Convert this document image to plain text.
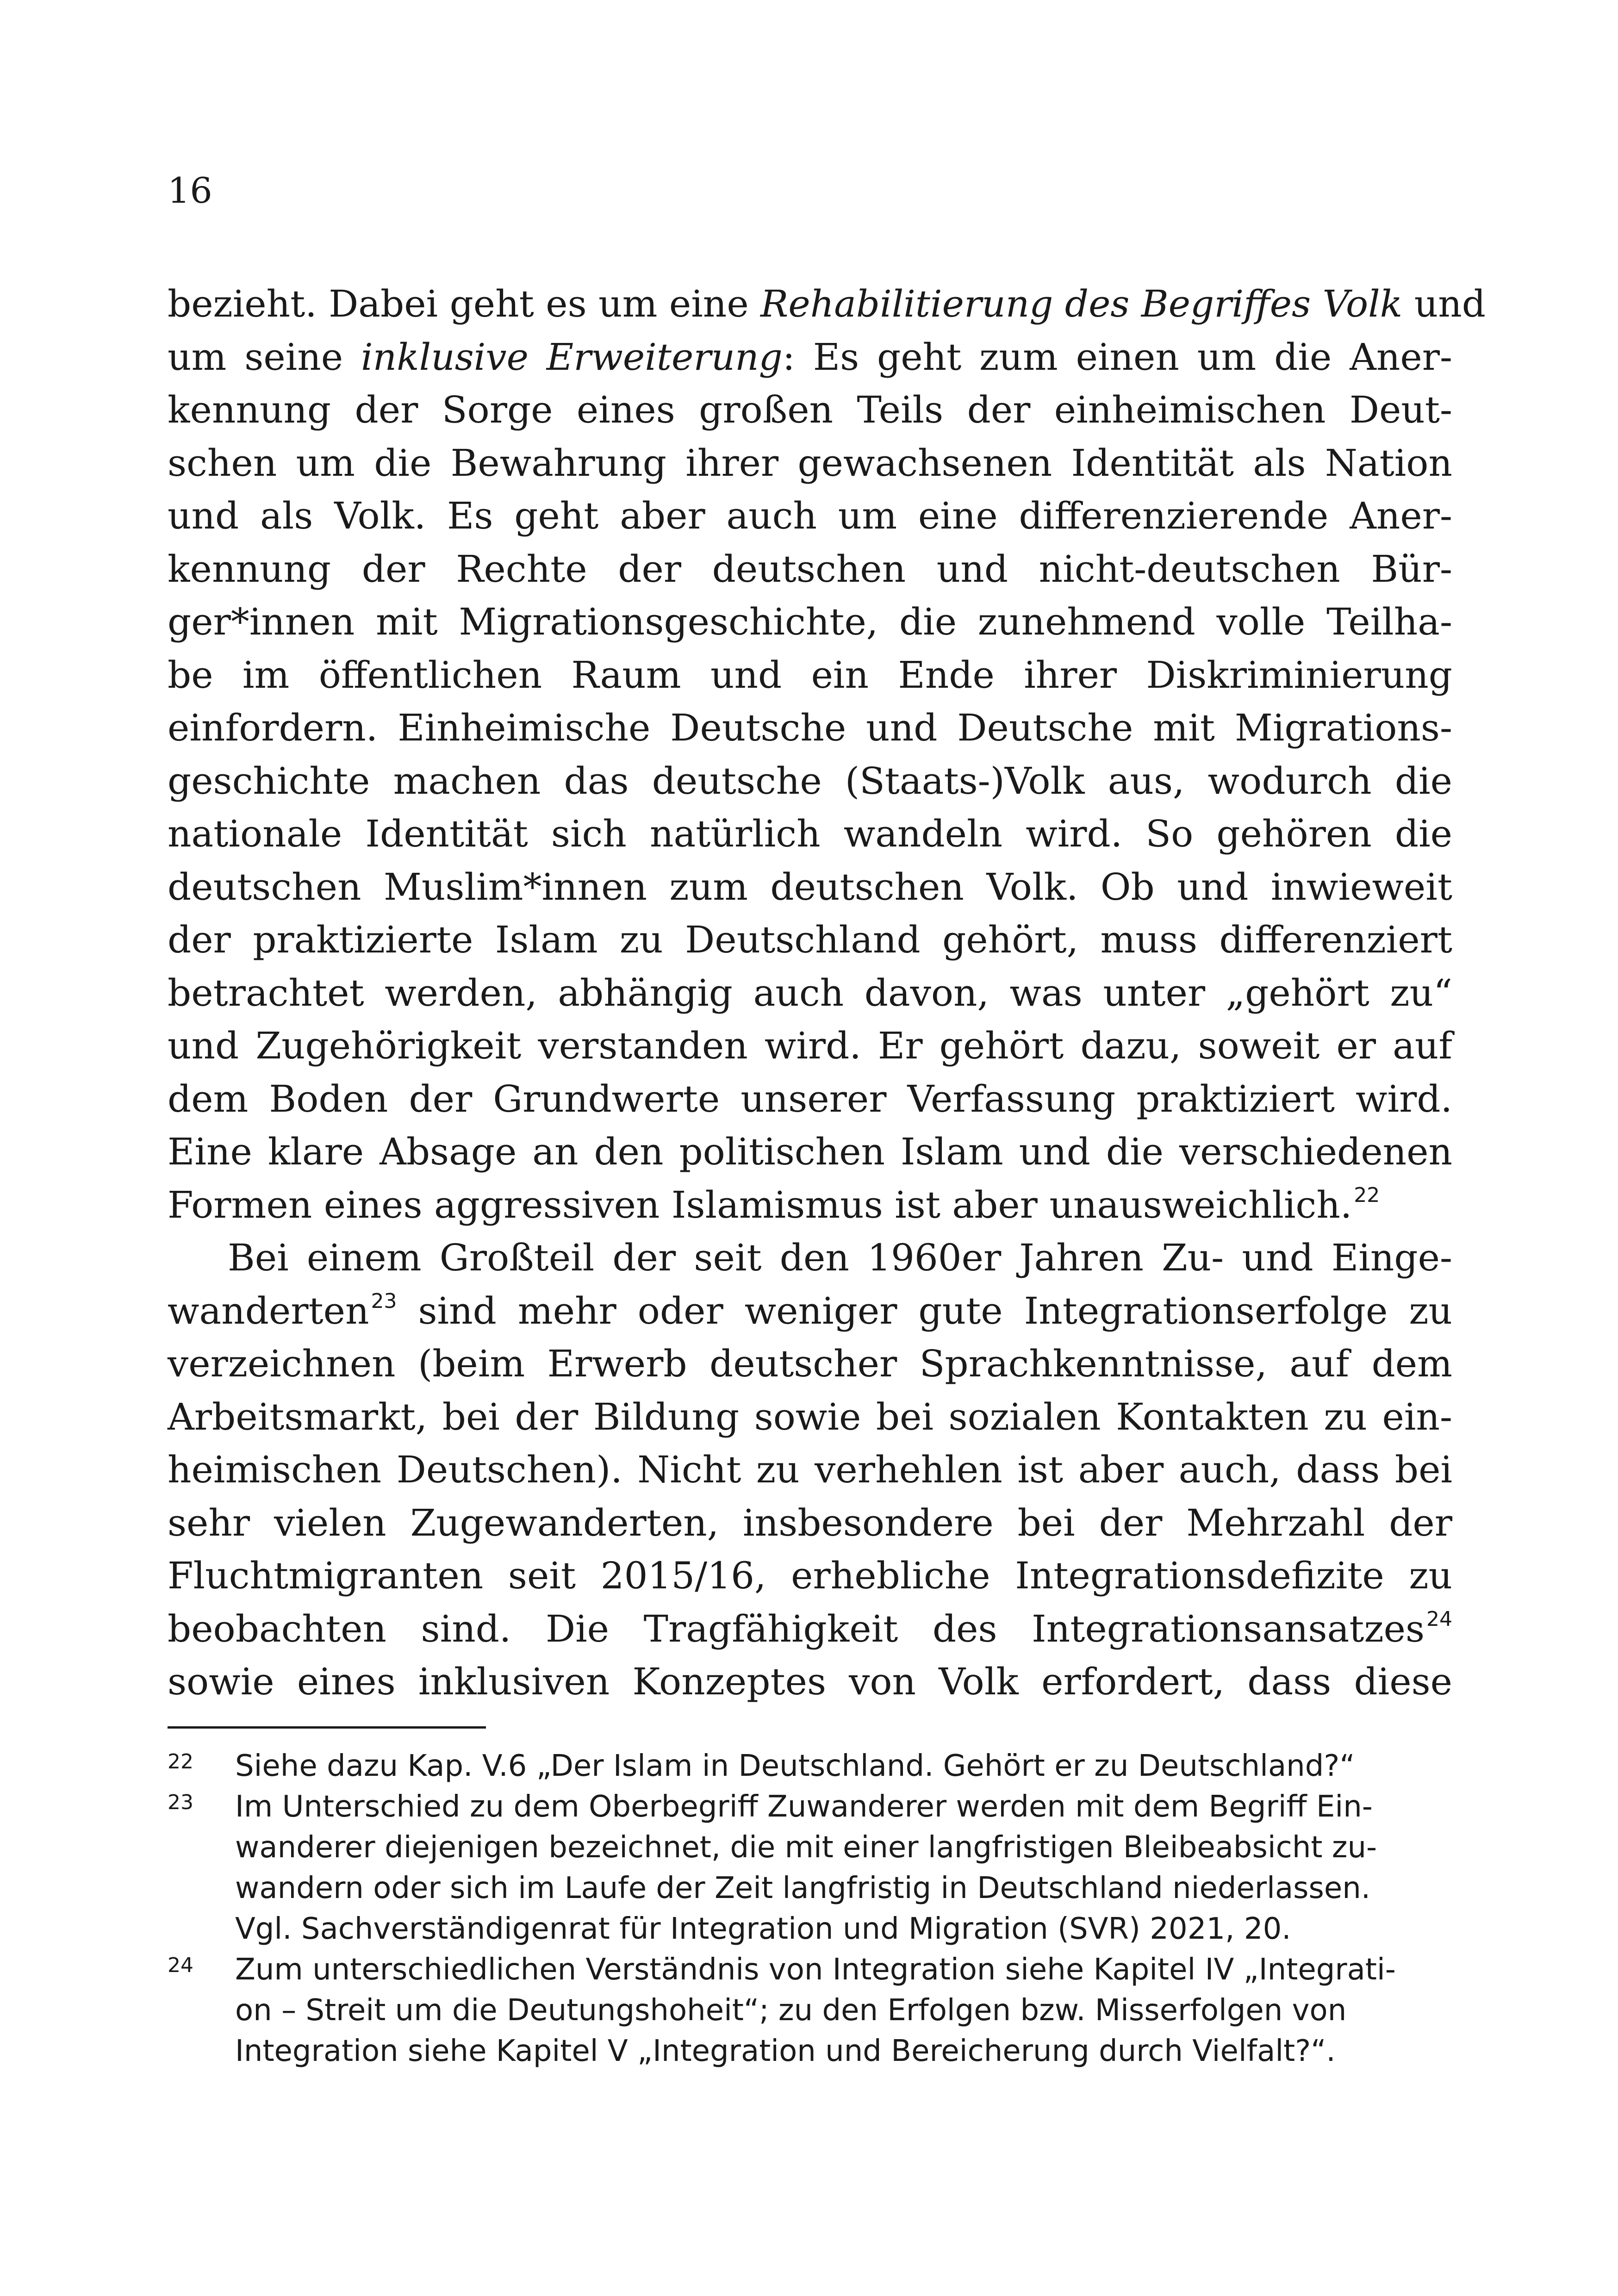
16
bezieht. Dabei geht es um eine Rehabilitierung des Begriffes Volk und
um seine inklusive Erweiterung: Es geht zum einen um die Aner-
kennung der Sorge eines großen Teils der einheimischen Deut-
schen um die Bewahrung ihrer gewachsenen Identität als Nation
und als Volk. Es geht aber auch um eine differenzierende Aner-
kennung der Rechte der deutschen und nicht-deutschen Bür-
ger*innen mit Migrationsgeschichte, die zunehmend volle Teilha-
be im öffentlichen Raum und ein Ende ihrer Diskriminierung
einfordern. Einheimische Deutsche und Deutsche mit Migrations-
geschichte machen das deutsche (Staats-)Volk aus, wodurch die
nationale Identität sich natürlich wandeln wird. So gehören die
deutschen Muslim*innen zum deutschen Volk. Ob und inwieweit
der praktizierte Islam zu Deutschland gehört, muss differenziert
betrachtet werden, abhängig auch davon, was unter „gehört zu“
und Zugehörigkeit verstanden wird. Er gehört dazu, soweit er auf
dem Boden der Grundwerte unserer Verfassung praktiziert wird.
Eine klare Absage an den politischen Islam und die verschiedenen
Formen eines aggressiven Islamismus ist aber unausweichlich.$^{22}$
Bei einem Großteil der seit den 1960er Jahren Zu- und Einge-
wanderten$^{23}$ sind mehr oder weniger gute Integrationserfolge zu
verzeichnen (beim Erwerb deutscher Sprachkenntnisse, auf dem
Arbeitsmarkt, bei der Bildung sowie bei sozialen Kontakten zu ein-
heimischen Deutschen). Nicht zu verhehlen ist aber auch, dass bei
sehr vielen Zugewanderten, insbesondere bei der Mehrzahl der
Fluchtmigranten seit 2015/16, erhebliche Integrationsdefizite zu
beobachten sind. Die Tragfähigkeit des Integrationsansatzes$^{24}$
sowie eines inklusiven Konzeptes von Volk erfordert, dass diese
22	Siehe dazu Kap. V.6 „Der Islam in Deutschland. Gehört er zu Deutschland?“
23	Im Unterschied zu dem Oberbegriff Zuwanderer werden mit dem Begriff Ein-
wanderer diejenigen bezeichnet, die mit einer langfristigen Bleibeabsicht zu-
wandern oder sich im Laufe der Zeit langfristig in Deutschland niederlassen.
Vgl. Sachverständigenrat für Integration und Migration (SVR) 2021, 20.
24	Zum unterschiedlichen Verständnis von Integration siehe Kapitel IV „Integrati-
on – Streit um die Deutungshoheit“; zu den Erfolgen bzw. Misserfolgen von
Integration siehe Kapitel V „Integration und Bereicherung durch Vielfalt?“.
